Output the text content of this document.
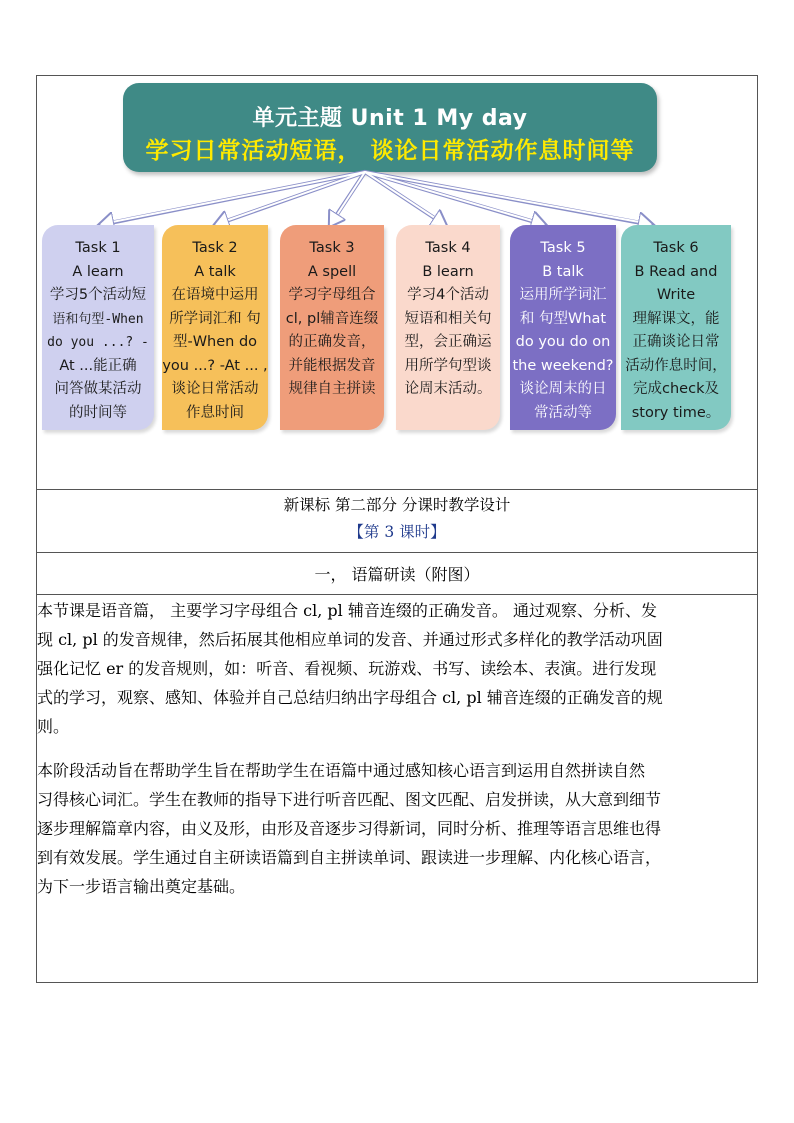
单元主题 Unit 1 My day
学习日常活动短语， 谈论日常活动作息时间等
Task 1
A learn
学习5个活动短
语和句型-When
do you ...? -
At ...能正确
问答做某活动
的时间等
Task 2
A talk
在语境中运用
所学词汇和 句
型-When do
you ...? -At ... ,
谈论日常活动
作息时间
Task 3
A spell
学习字母组合
cl, pl辅音连缀
的正确发音，
并能根据发音
规律自主拼读
Task 4
B learn
学习4个活动
短语和相关句
型，会正确运
用所学句型谈
论周末活动。
Task 5
B talk
运用所学词汇
和 句型What
do you do on
the weekend?
谈论周末的日
常活动等
Task 6
B Read and
Write
理解课文，能
正确谈论日常
活动作息时间，
完成check及
story time。
新课标 第二部分 分课时教学设计
【第 3 课时】
一， 语篇研读（附图）
本节课是语音篇， 主要学习字母组合 cl, pl 辅音连缀的正确发音。 通过观察、分析、发
现 cl, pl 的发音规律，然后拓展其他相应单词的发音、并通过形式多样化的教学活动巩固
强化记忆 er 的发音规则，如：听音、看视频、玩游戏、书写、读绘本、表演。进行发现
式的学习，观察、感知、体验并自己总结归纳出字母组合 cl, pl 辅音连缀的正确发音的规
则。
本阶段活动旨在帮助学生旨在帮助学生在语篇中通过感知核心语言到运用自然拼读自然
习得核心词汇。学生在教师的指导下进行听音匹配、图文匹配、启发拼读，从大意到细节
逐步理解篇章内容，由义及形，由形及音逐步习得新词，同时分析、推理等语言思维也得
到有效发展。学生通过自主研读语篇到自主拼读单词、跟读进一步理解、内化核心语言，
为下一步语言输出奠定基础。
